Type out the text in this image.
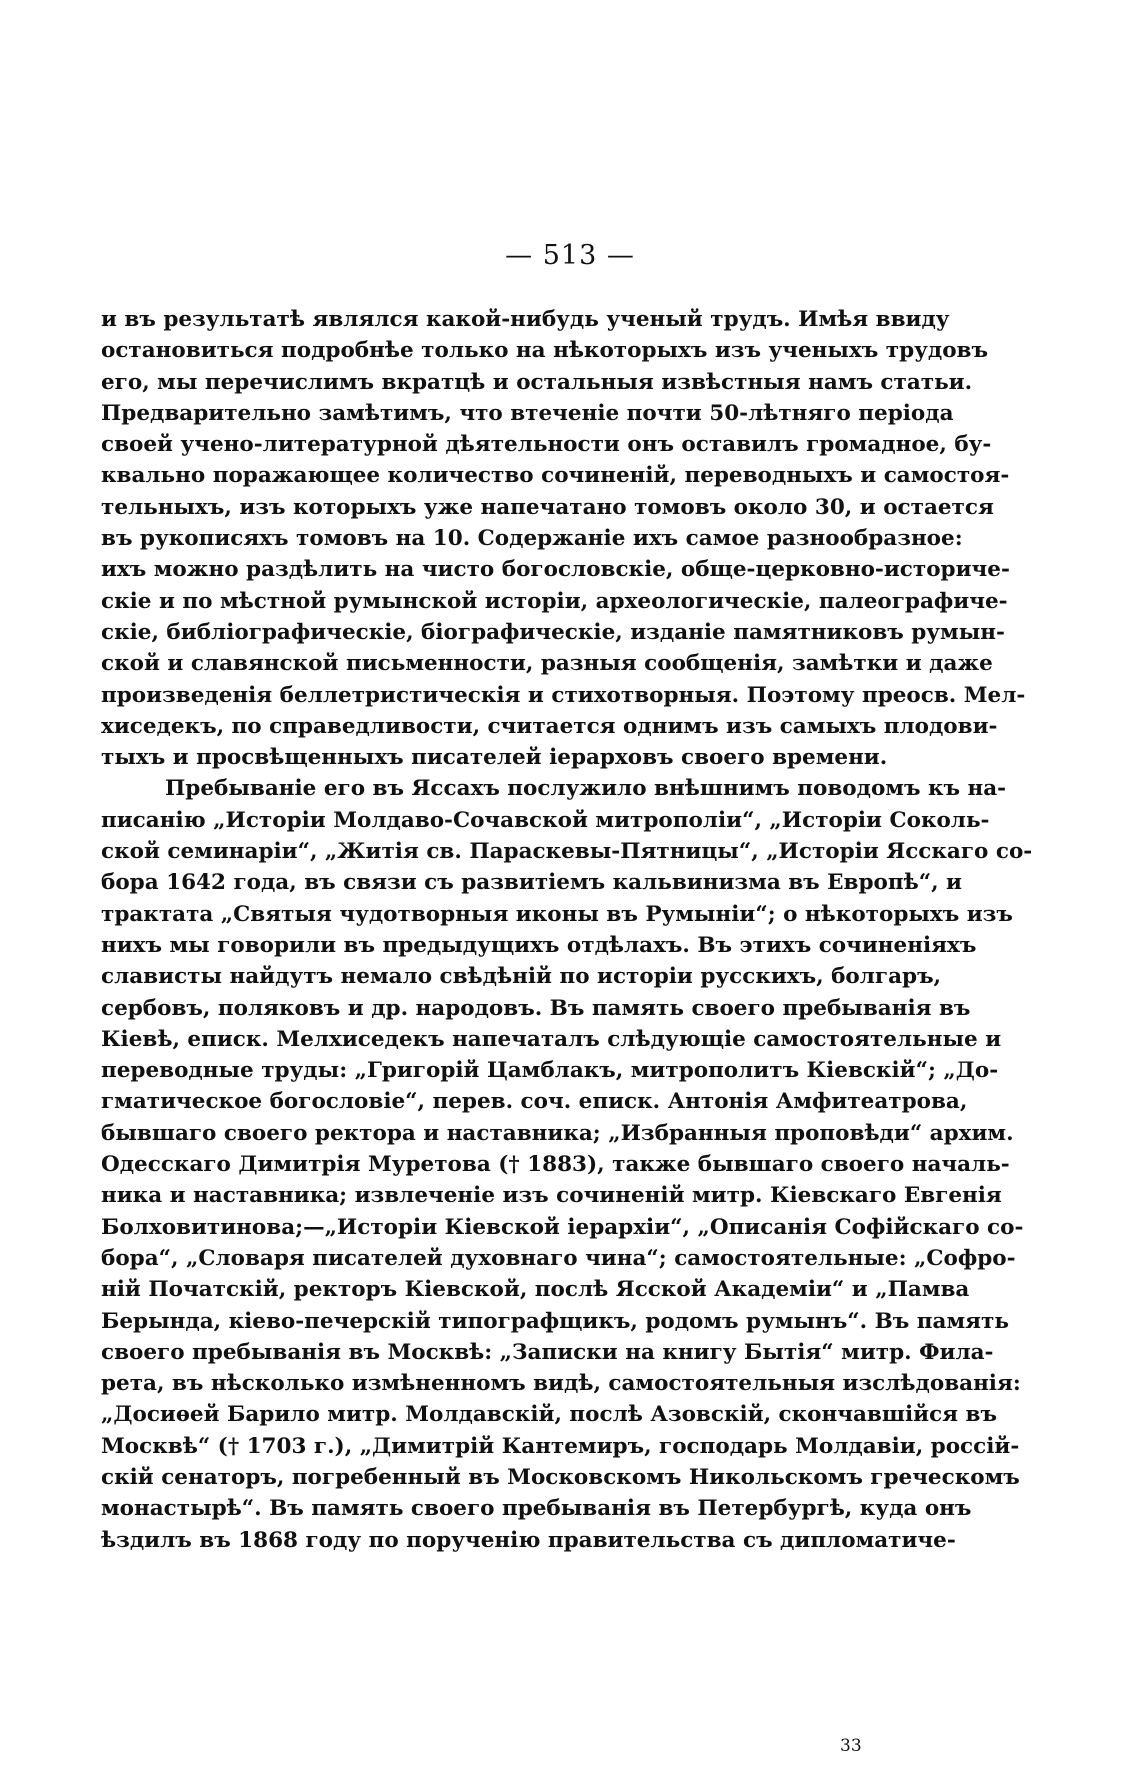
— 513 —
и въ результатѣ являлся какой-нибудь ученый трудъ. Имѣя ввиду
остановиться подробнѣе только на нѣкоторыхъ изъ ученыхъ трудовъ
его, мы перечислимъ вкратцѣ и остальныя извѣстныя намъ статьи.
Предварительно замѣтимъ, что втеченіе почти 50-лѣтняго періода
своей учено-литературной дѣятельности онъ оставилъ громадное, бу-
квально поражающее количество сочиненій, переводныхъ и самостоя-
тельныхъ, изъ которыхъ уже напечатано томовъ около 30, и остается
въ рукописяхъ томовъ на 10. Содержаніе ихъ самое разнообразное:
ихъ можно раздѣлить на чисто богословскіе, обще-церковно-историче-
скіе и по мѣстной румынской исторіи, археологическіе, палеографиче-
скіе, библіографическіе, біографическіе, изданіе памятниковъ румын-
ской и славянской письменности, разныя сообщенія, замѣтки и даже
произведенія беллетристическія и стихотворныя. Поэтому преосв. Мел-
хиседекъ, по справедливости, считается однимъ изъ самыхъ плодови-
тыхъ и просвѣщенныхъ писателей іерарховъ своего времени.
Пребываніе его въ Яссахъ послужило внѣшнимъ поводомъ къ на-
писанію „Исторіи Молдаво-Сочавской митрополіи“, „Исторіи Соколь-
ской семинаріи“, „Житія св. Параскевы-Пятницы“, „Исторіи Ясскаго со-
бора 1642 года, въ связи съ развитіемъ кальвинизма въ Европѣ“, и
трактата „Святыя чудотворныя иконы въ Румыніи“; о нѣкоторыхъ изъ
нихъ мы говорили въ предыдущихъ отдѣлахъ. Въ этихъ сочиненіяхъ
слависты найдутъ немало свѣдѣній по исторіи русскихъ, болгаръ,
сербовъ, поляковъ и др. народовъ. Въ память своего пребыванія въ
Кіевѣ, еписк. Мелхиседекъ напечаталъ слѣдующіе самостоятельные и
переводные труды: „Григорій Цамблакъ, митрополитъ Кіевскій“; „До-
гматическое богословіе“, перев. соч. еписк. Антонія Амфитеатрова,
бывшаго своего ректора и наставника; „Избранныя проповѣди“ архим.
Одесскаго Димитрія Муретова († 1883), также бывшаго своего началь-
ника и наставника; извлеченіе изъ сочиненій митр. Кіевскаго Евгенія
Болховитинова;—„Исторіи Кіевской іерархіи“, „Описанія Софійскаго со-
бора“, „Словаря писателей духовнаго чина“; самостоятельные: „Софро-
ній Початскій, ректоръ Кіевской, послѣ Ясской Академіи“ и „Памва
Берында, кіево-печерскій типографщикъ, родомъ румынъ“. Въ память
своего пребыванія въ Москвѣ: „Записки на книгу Бытія“ митр. Фила-
рета, въ нѣсколько измѣненномъ видѣ, самостоятельныя изслѣдованія:
„Досиѳей Барило митр. Молдавскій, послѣ Азовскій, скончавшійся въ
Москвѣ“ († 1703 г.), „Димитрій Кантемиръ, господарь Молдавіи, россій-
скій сенаторъ, погребенный въ Московскомъ Никольскомъ греческомъ
монастырѣ“. Въ память своего пребыванія въ Петербургѣ, куда онъ
ѣздилъ въ 1868 году по порученію правительства съ дипломатиче-
33
